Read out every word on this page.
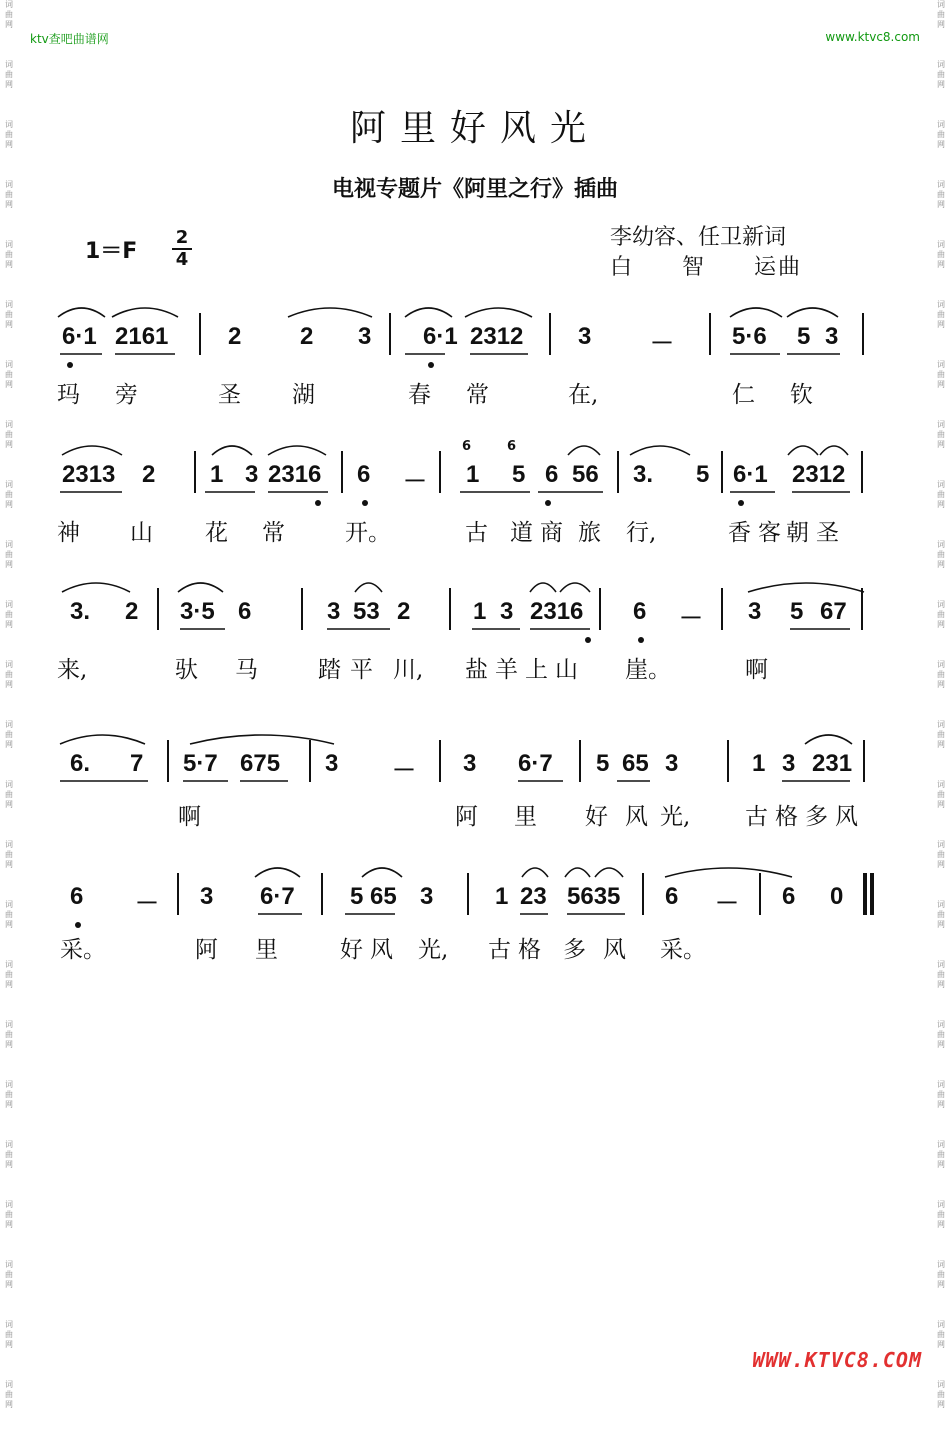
词
曲
网
词
曲
网
词
曲
网
词
曲
网
词
曲
网
词
曲
网
词
曲
网
词
曲
网
词
曲
网
词
曲
网
词
曲
网
词
曲
网
词
曲
网
词
曲
网
词
曲
网
词
曲
网
词
曲
网
词
曲
网
词
曲
网
词
曲
网
词
曲
网
词
曲
网
词
曲
网
词
曲
网
词
曲
网
词
曲
网
词
曲
网
词
曲
网
词
曲
网
词
曲
网
词
曲
网
词
曲
网
词
曲
网
词
曲
网
词
曲
网
词
曲
网
词
曲
网
词
曲
网
词
曲
网
词
曲
网
词
曲
网
词
曲
网
词
曲
网
词
曲
网
词
曲
网
词
曲
网
词
曲
网
词
曲
网
ktv查吧曲谱网	www.ktvc8.com
阿里好风光
电视专题片《阿里之行》插曲
1＝F
2
4
李幼容、任卫新词
白　　智　　运曲
6·1 2161 2 2 3 6·1 2312 3 － 5·6 5 3
玛 旁	圣 湖	春 常	在,	仁 钦
2313 2 1 3 2316 6 － 1 5 6 56 3. 5 6·1 2312
6	6
神 山 花 常	开。	古 道 商 旅 行,	香 客 朝 圣
3. 2 3·5 6	3 53 2	1 3 2316 6 － 3 5 67
来,	驮 马	踏 平 川, 盐 羊 上 山 崖。	啊
6. 7 5·7 675 3 － 3 6·7 5 65 3	1 3 231
啊	阿 里 好 风 光, 古 格 多 风
6 － 3 6·7 5 65 3	1 23 5635 6 － 6 0
采。	阿 里	好 风 光, 古 格 多 风 采。
WWW.KTVC8.COM
